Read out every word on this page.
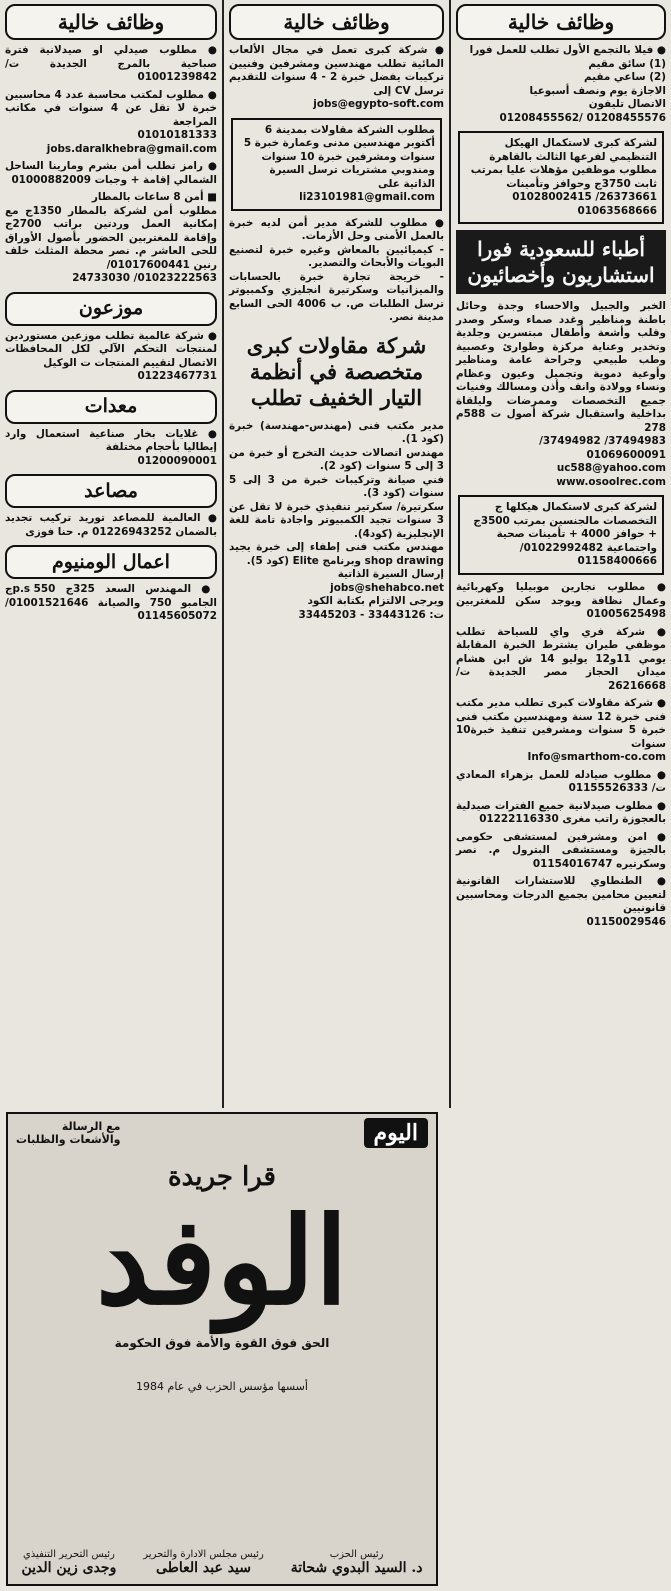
وظائف خالية
● فيلا بالتجمع الأول تطلب للعمل فورا
(1) سائق مقيم
(2) ساعي مقيم
الاجازة يوم ونصف أسبوعيا
الاتصال تليفون
01208455576 /01208455562
لشركة كبرى لاستكمال الهيكل التنظيمي لفرعها الثالث بالقاهرة مطلوب موظفين مؤهلات عليا بمرتب ثابت 3750ج وحوافز وتأمينات 26373661/ 01028002415
01063568666
أطباء للسعودية فورا
استشاريون وأخصائيون
الخبر والجبيل والاحساء وجدة وحائل باطنة ومناظير وغدد صماء وسكر وصدر وقلب وأشعة وأطفال مبتسرين وجلدية وتخدير وعناية مركزة وطوارئ وعصبية وطب طبيعي وجراحة عامة ومناظير وأوعية دموية وتجميل وعيون وعظام ونساء وولادة وانف وأذن ومسالك وفنيات جميع التخصصات وممرضات وليلقاة بداخلية واستقبال شركة أصول ت 588م 278
37494983/ 37494982/
01069600091
uc588@yahoo.com
www.osoolrec.com
لشركة كبرى لاستكمال هيكلها ج التخصصات مالجنسين بمرتب 3500ج + حوافز 4000 + تأمينات صحية واجتماعية 01022992482/ 01158400666
● مطلوب نجارين موبيليا وكهربائية وعمال نظافة ويوجد سكن للمغتربين 01005625498
● شركة فري واي للسياحة تطلب موظفي طيران يشترط الخبرة المقابلة يومي 11و12 يوليو 14 ش ابن هشام ميدان الحجاز مصر الجديدة ت/ 26216668
● شركة مقاولات كبرى تطلب مدير مكتب فنى خبرة 12 سنة ومهندسين مكتب فنى خبرة 5 سنوات ومشرفين تنفيذ خبرة10 سنوات
Info@smarthom-co.com
● مطلوب صيادله للعمل بزهراء المعادي ت/ 01155526333
● مطلوب صيدلانية جميع الفترات صيدلية بالعجوزة راتب مغرى 01222116330
● امن ومشرفين لمستشفى حكومى بالجيزة ومستشفى البترول م. نصر وسكرتيره 01154016747
● الطنطاوي للاستشارات القانونية لتعيين محامين بجميع الدرجات ومحاسبين قانونيين
01150029546
وظائف خالية
● شركة كبرى تعمل في مجال الألعاب المائية تطلب مهندسين ومشرفين وفنيين تركيبات يفضل خبرة 2 - 4 سنوات للتقديم ترسل CV إلى
jobs@egypto-soft.com
مطلوب الشركة مقاولات بمدينة 6 أكتوبر مهندسين مدنى وعمارة خبرة 5 سنوات ومشرفين خبرة 10 سنوات ومندوبي مشتريات ترسل السيرة الذاتية على
li23101981@gmail.com
● مطلوب للشركة مدير أمن لديه خبرة بالعمل الأمنى وحل الأزمات.
- كيميائيين بالمعاش وغيره خبرة لتصنيع البويات والأبحاث والتصدير.
- خريجة تجارة خبرة بالحسابات والميزانيات وسكرتيرة انجليزي وكمبيوتر ترسل الطلبات ص. ب 4006 الحى السابع مدينة نصر.
شركة مقاولات كبرى
متخصصة في أنظمة
التيار الخفيف تطلب
مدير مكتب فنى (مهندس-مهندسة) خبرة (كود 1).
مهندس اتصالات حديث التخرج أو خبرة من 3 إلى 5 سنوات (كود 2).
فني صيانة وتركيبات خبرة من 3 إلى 5 سنوات (كود 3).
سكرتيرة/ سكرتير تنفيذي خبرة لا تقل عن 3 سنوات تجيد الكمبيوتر واجادة تامة للغة الإنجليزية (كود4).
مهندس مكتب فنى إطفاء إلى خبرة يجيد shop drawing وبرنامج Elite (كود 5).
إرسال السيرة الذاتية
jobs@shehabco.net
ويرجى الالتزام بكتابة الكود
ت: 33443126 - 33445203
وظائف خالية
● مطلوب صيدلي او صيدلانية فترة صباحية بالمرج الجديدة ت/ 01001239842
● مطلوب لمكتب محاسبة عدد 4 محاسبين خبرة لا تقل عن 4 سنوات في مكاتب المراجعة
01010181333
jobs.daralkhebra@gmail.com
● رامز تطلب أمن بشرم ومارينا الساحل الشمالي إقامة + وجبات 01000882009
■ أمن 8 ساعات بالمطار
مطلوب أمن لشركة بالمطار 1350ج مع إمكانية العمل وردتين براتب 2700ج وإقامة للمغتربين الحضور بأصول الأوراق للحى العاشر م. نصر محطة المثلث خلف رنين 01017600441/
01023222563/ 24733030
موزعون
● شركة عالمية تطلب موزعين مستوردين لمنتجات التحكم الآلي لكل المحافظات الاتصال لتقييم المنتجات ت الوكيل
01223467731
معدات
● غلايات بخار صناعية استعمال وارد إيطاليا بأحجام مختلفة
01200090001
مصاعد
● العالمية للمصاعد توريد تركيب تجديد بالضمان 01226943252 م. حنا فوزى
اعمال الومنيوم
● المهندس السعد 325ج p.s 550ج الجامبو 750 والصيانة 01001521646/ 01145605072
اليوم
مع الرسالة
والأشعات والظلبات
قرا جريدة
الوفد
الحق فوق القوة والأمة فوق الحكومة
أسسها مؤسس الحزب في عام 1984
رئيس الحزب
د. السيد البدوي شحاتة
رئيس مجلس الادارة والتحرير
سيد عبد العاطى
رئيس التحرير التنفيذي
وجدى زين الدين
